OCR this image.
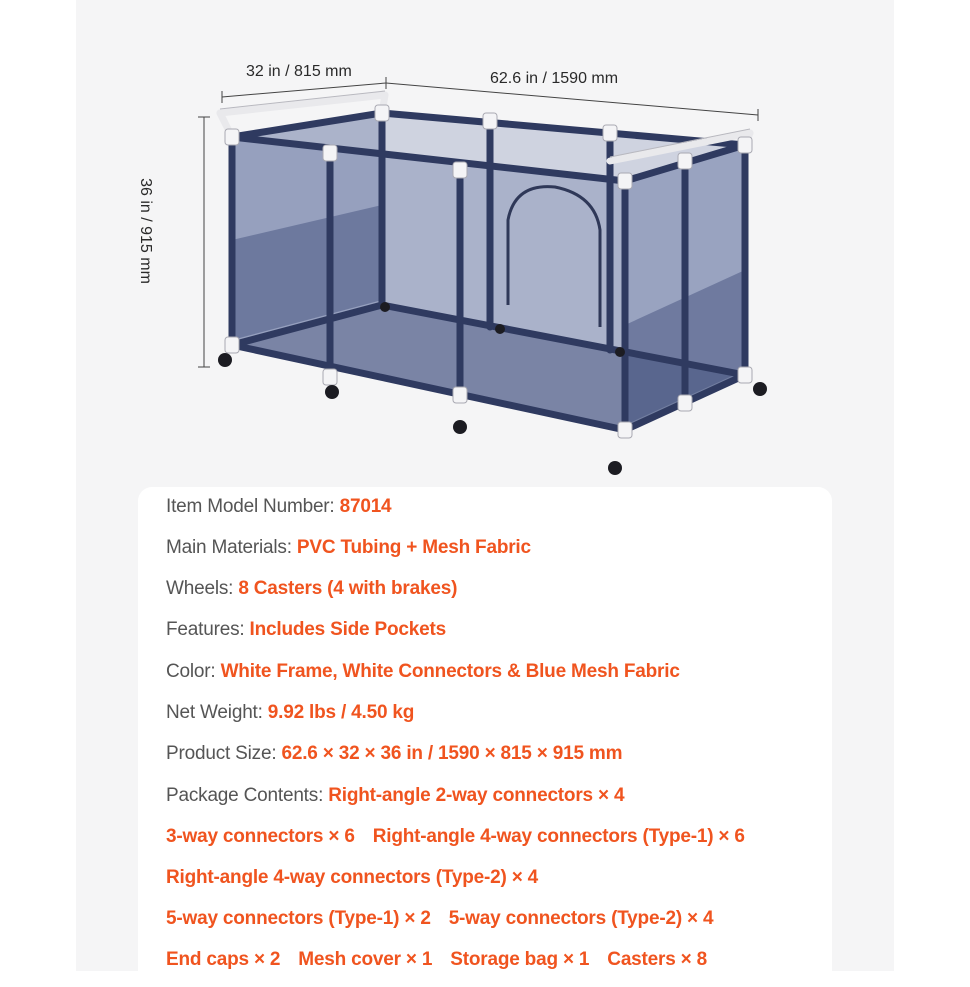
32 in / 815 mm	62.6 in / 1590 mm
36 in / 915 mm
Item Model Number: 87014
Main Materials: PVC Tubing + Mesh Fabric
Wheels: 8 Casters (4 with brakes)
Features: Includes Side Pockets
Color: White Frame, White Connectors & Blue Mesh Fabric
Net Weight: 9.92 lbs / 4.50 kg
Product Size: 62.6 × 32 × 36 in / 1590 × 815 × 915 mm
Package Contents: Right-angle 2-way connectors × 4
3-way connectors × 6 Right-angle 4-way connectors (Type-1) × 6
Right-angle 4-way connectors (Type-2) × 4
5-way connectors (Type-1) × 2 5-way connectors (Type-2) × 4
End caps × 2 Mesh cover × 1 Storage bag × 1 Casters × 8
